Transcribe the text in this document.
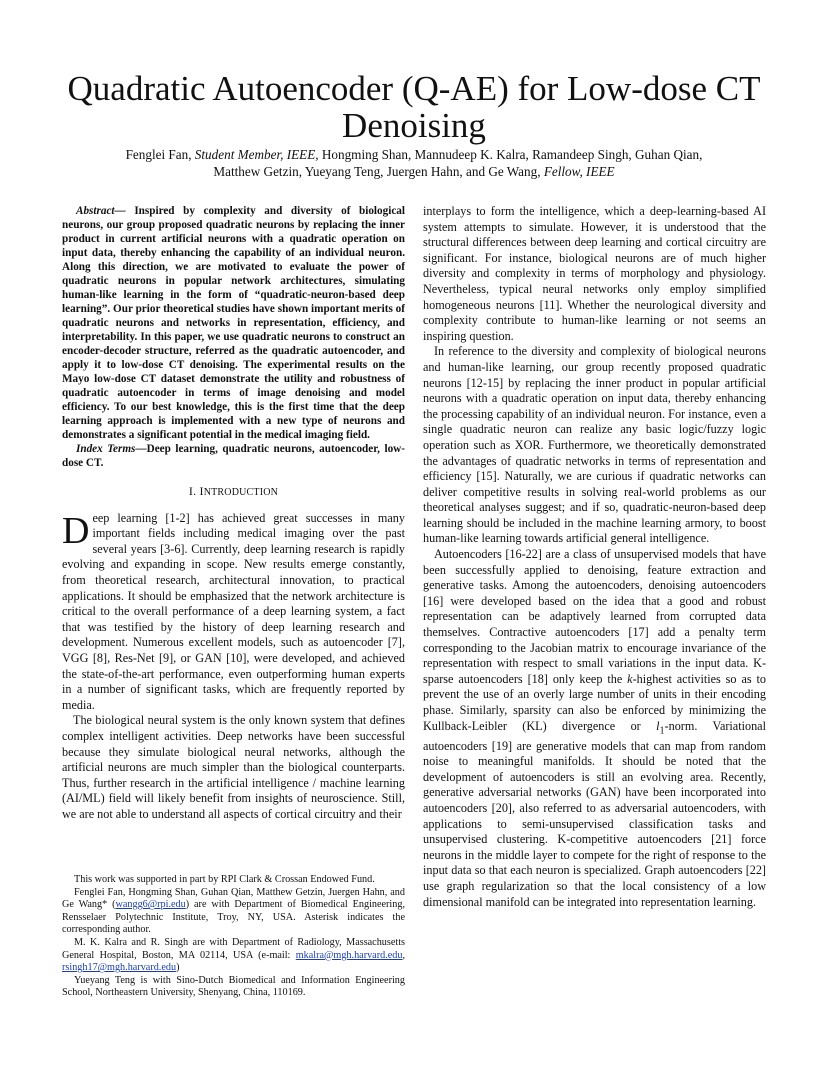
Quadratic Autoencoder (Q-AE) for Low-dose CT Denoising
Fenglei Fan, Student Member, IEEE, Hongming Shan, Mannudeep K. Kalra, Ramandeep Singh, Guhan Qian,
Matthew Getzin, Yueyang Teng, Juergen Hahn, and Ge Wang, Fellow, IEEE

Abstract— Inspired by complexity and diversity of biological neurons, our group proposed quadratic neurons by replacing the inner product in current artificial neurons with a quadratic operation on input data, thereby enhancing the capability of an individual neuron. Along this direction, we are motivated to evaluate the power of quadratic neurons in popular network architectures, simulating human-like learning in the form of “quadratic-neuron-based deep learning”. Our prior theoretical studies have shown important merits of quadratic neurons and networks in representation, efficiency, and interpretability. In this paper, we use quadratic neurons to construct an encoder-decoder structure, referred as the quadratic autoencoder, and apply it to low-dose CT denoising. The experimental results on the Mayo low-dose CT dataset demonstrate the utility and robustness of quadratic autoencoder in terms of image denoising and model efficiency. To our best knowledge, this is the first time that the deep learning approach is implemented with a new type of neurons and demonstrates a significant potential in the medical imaging field.

Index Terms—Deep learning, quadratic neurons, autoencoder, low-dose CT.

I. INTRODUCTION

Deep learning [1-2] has achieved great successes in many important fields including medical imaging over the past several years [3-6]. Currently, deep learning research is rapidly evolving and expanding in scope. New results emerge constantly, from theoretical research, architectural innovation, to practical applications. It should be emphasized that the network architecture is critical to the overall performance of a deep learning system, a fact that was testified by the history of deep learning research and development. Numerous excellent models, such as autoencoder [7], VGG [8], Res-Net [9], or GAN [10], were developed, and achieved the state-of-the-art performance, even outperforming human experts in a number of significant tasks, which are frequently reported by media.

The biological neural system is the only known system that defines complex intelligent activities. Deep networks have been successful because they simulate biological neural networks, although the artificial neurons are much simpler than the biological counterparts. Thus, further research in the artificial intelligence / machine learning (AI/ML) field will likely benefit from insights of neuroscience. Still, we are not able to understand all aspects of cortical circuitry and their

interplays to form the intelligence, which a deep-learning-based AI system attempts to simulate. However, it is understood that the structural differences between deep learning and cortical circuitry are significant. For instance, biological neurons are of much higher diversity and complexity in terms of morphology and physiology. Nevertheless, typical neural networks only employ simplified homogeneous neurons [11]. Whether the neurological diversity and complexity contribute to human-like learning or not seems an inspiring question.

In reference to the diversity and complexity of biological neurons and human-like learning, our group recently proposed quadratic neurons [12-15] by replacing the inner product in popular artificial neurons with a quadratic operation on input data, thereby enhancing the processing capability of an individual neuron. For instance, even a single quadratic neuron can realize any basic logic/fuzzy logic operation such as XOR. Furthermore, we theoretically demonstrated the advantages of quadratic networks in terms of representation and efficiency [15]. Naturally, we are curious if quadratic networks can deliver competitive results in solving real-world problems as our theoretical analyses suggest; and if so, quadratic-neuron-based deep learning should be included in the machine learning armory, to boost human-like learning towards artificial general intelligence.

Autoencoders [16-22] are a class of unsupervised models that have been successfully applied to denoising, feature extraction and generative tasks. Among the autoencoders, denoising autoencoders [16] were developed based on the idea that a good and robust representation can be adaptively learned from corrupted data themselves. Contractive autoencoders [17] add a penalty term corresponding to the Jacobian matrix to encourage invariance of the representation with respect to small variations in the input data. K-sparse autoencoders [18] only keep the k-highest activities so as to prevent the use of an overly large number of units in their encoding phase. Similarly, sparsity can also be enforced by minimizing the Kullback-Leibler (KL) divergence or $l_1$-norm. Variational autoencoders [19] are generative models that can map from random noise to meaningful manifolds. It should be noted that the development of autoencoders is still an evolving area. Recently, generative adversarial networks (GAN) have been incorporated into autoencoders [20], also referred to as adversarial autoencoders, with applications to semi-unsupervised classification tasks and unsupervised clustering. K-competitive autoencoders [21] force neurons in the middle layer to compete for the right of response to the input data so that each neuron is specialized. Graph autoencoders [22] use graph regularization so that the local consistency of a low dimensional manifold can be integrated into representation learning.

This work was supported in part by RPI Clark & Crossan Endowed Fund.

Fenglei Fan, Hongming Shan, Guhan Qian, Matthew Getzin, Juergen Hahn, and Ge Wang* (wangg6@rpi.edu) are with Department of Biomedical Engineering, Rensselaer Polytechnic Institute, Troy, NY, USA. Asterisk indicates the corresponding author.

M. K. Kalra and R. Singh are with Department of Radiology, Massachusetts General Hospital, Boston, MA 02114, USA (e-mail: mkalra@mgh.harvard.edu, rsingh17@mgh.harvard.edu)

Yueyang Teng is with Sino-Dutch Biomedical and Information Engineering School, Northeastern University, Shenyang, China, 110169.
